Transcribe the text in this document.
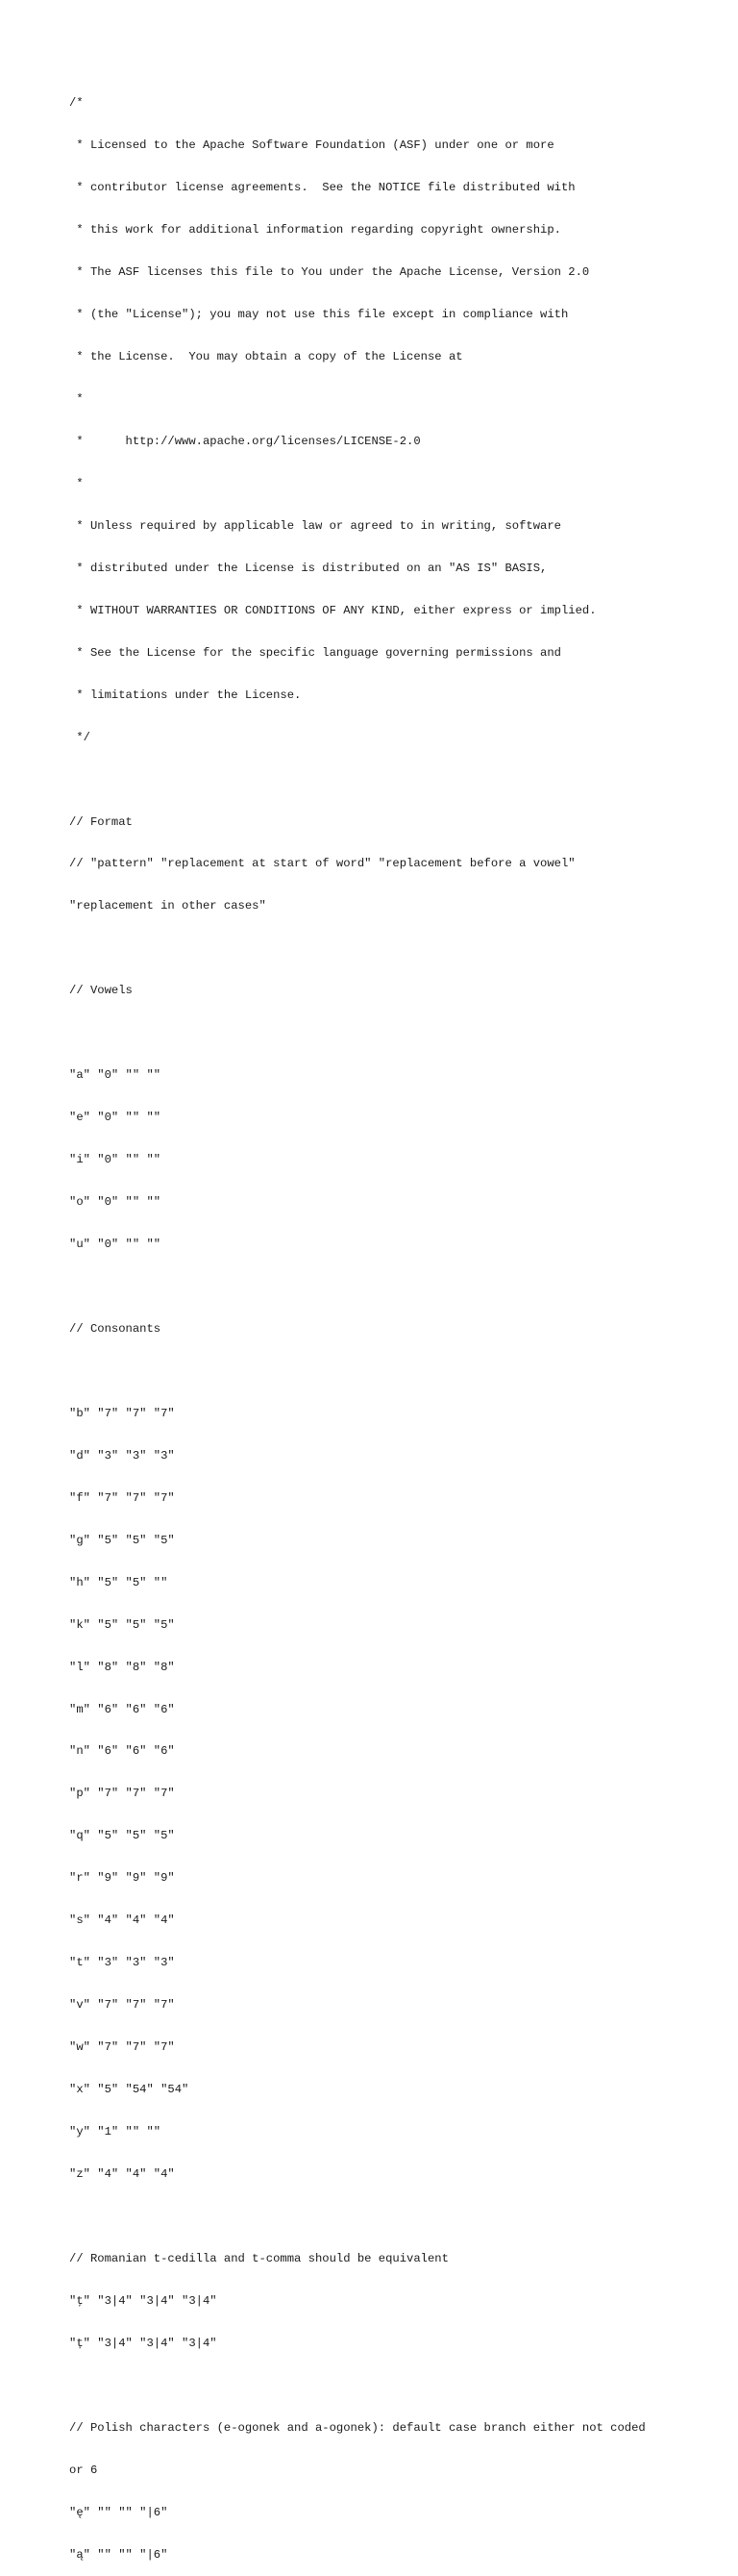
/*

* Licensed to the Apache Software Foundation (ASF) under one or more

* contributor license agreements.  See the NOTICE file distributed with

* this work for additional information regarding copyright ownership.

* The ASF licenses this file to You under the Apache License, Version 2.0

* (the "License"); you may not use this file except in compliance with

* the License.  You may obtain a copy of the License at

*

*      http://www.apache.org/licenses/LICENSE-2.0

*

* Unless required by applicable law or agreed to in writing, software

* distributed under the License is distributed on an "AS IS" BASIS,

* WITHOUT WARRANTIES OR CONDITIONS OF ANY KIND, either express or implied.

* See the License for the specific language governing permissions and

* limitations under the License.

*/

// Format

// "pattern" "replacement at start of word" "replacement before a vowel"

"replacement in other cases"

// Vowels

"a" "0" "" ""

"e" "0" "" ""

"i" "0" "" ""

"o" "0" "" ""

"u" "0" "" ""

// Consonants

"b" "7" "7" "7"

"d" "3" "3" "3"

"f" "7" "7" "7"

"g" "5" "5" "5"

"h" "5" "5" ""

"k" "5" "5" "5"

"l" "8" "8" "8"

"m" "6" "6" "6"

"n" "6" "6" "6"

"p" "7" "7" "7"

"q" "5" "5" "5"

"r" "9" "9" "9"

"s" "4" "4" "4"

"t" "3" "3" "3"

"v" "7" "7" "7"

"w" "7" "7" "7"

"x" "5" "54" "54"

"y" "1" "" ""

"z" "4" "4" "4"

// Romanian t-cedilla and t-comma should be equivalent

"ţ" "3|4" "3|4" "3|4"

"ț" "3|4" "3|4" "3|4"

// Polish characters (e-ogonek and a-ogonek): default case branch either not coded

or 6

"ę" "" "" "|6"

"ą" "" "" "|6"
